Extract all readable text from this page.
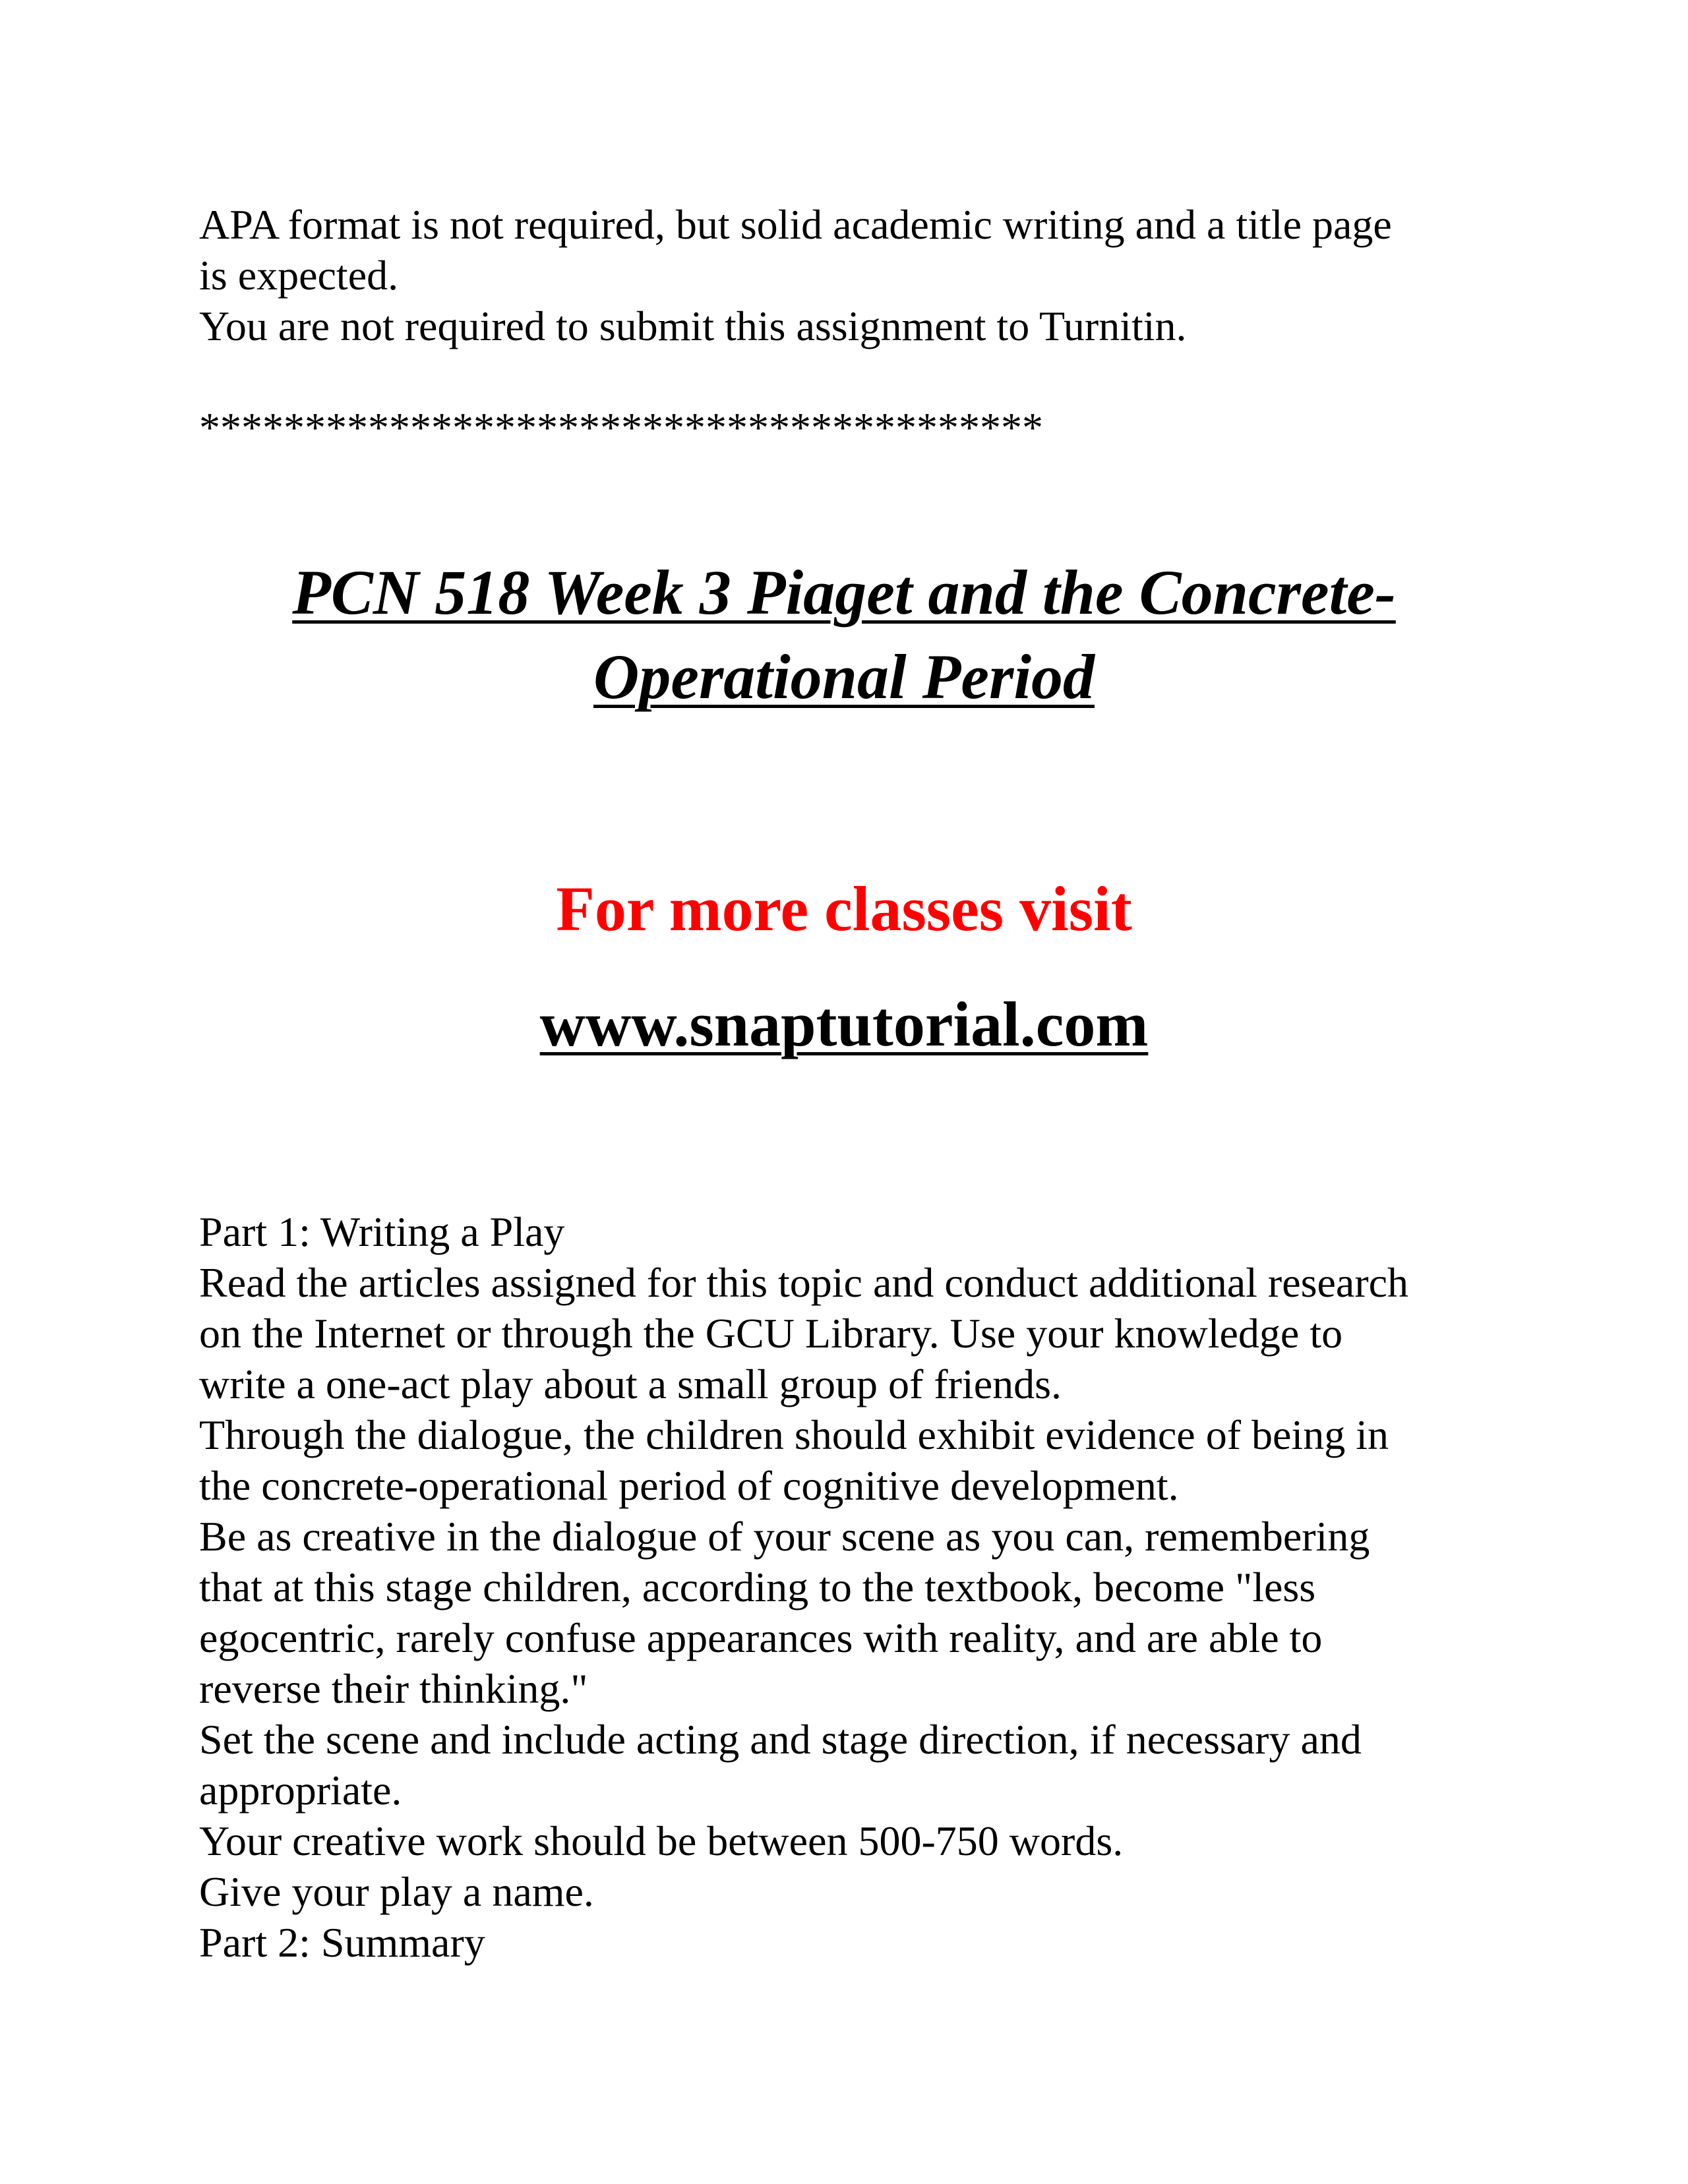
APA format is not required, but solid academic writing and a title page
is expected.
You are not required to submit this assignment to Turnitin.
****************************************
PCN 518 Week 3 Piaget and the Concrete-
Operational Period
For more classes visit
www.snaptutorial.com
Part 1: Writing a Play
Read the articles assigned for this topic and conduct additional research
on the Internet or through the GCU Library. Use your knowledge to
write a one-act play about a small group of friends.
Through the dialogue, the children should exhibit evidence of being in
the concrete-operational period of cognitive development.
Be as creative in the dialogue of your scene as you can, remembering
that at this stage children, according to the textbook, become "less
egocentric, rarely confuse appearances with reality, and are able to
reverse their thinking."
Set the scene and include acting and stage direction, if necessary and
appropriate.
Your creative work should be between 500-750 words.
Give your play a name.
Part 2: Summary
